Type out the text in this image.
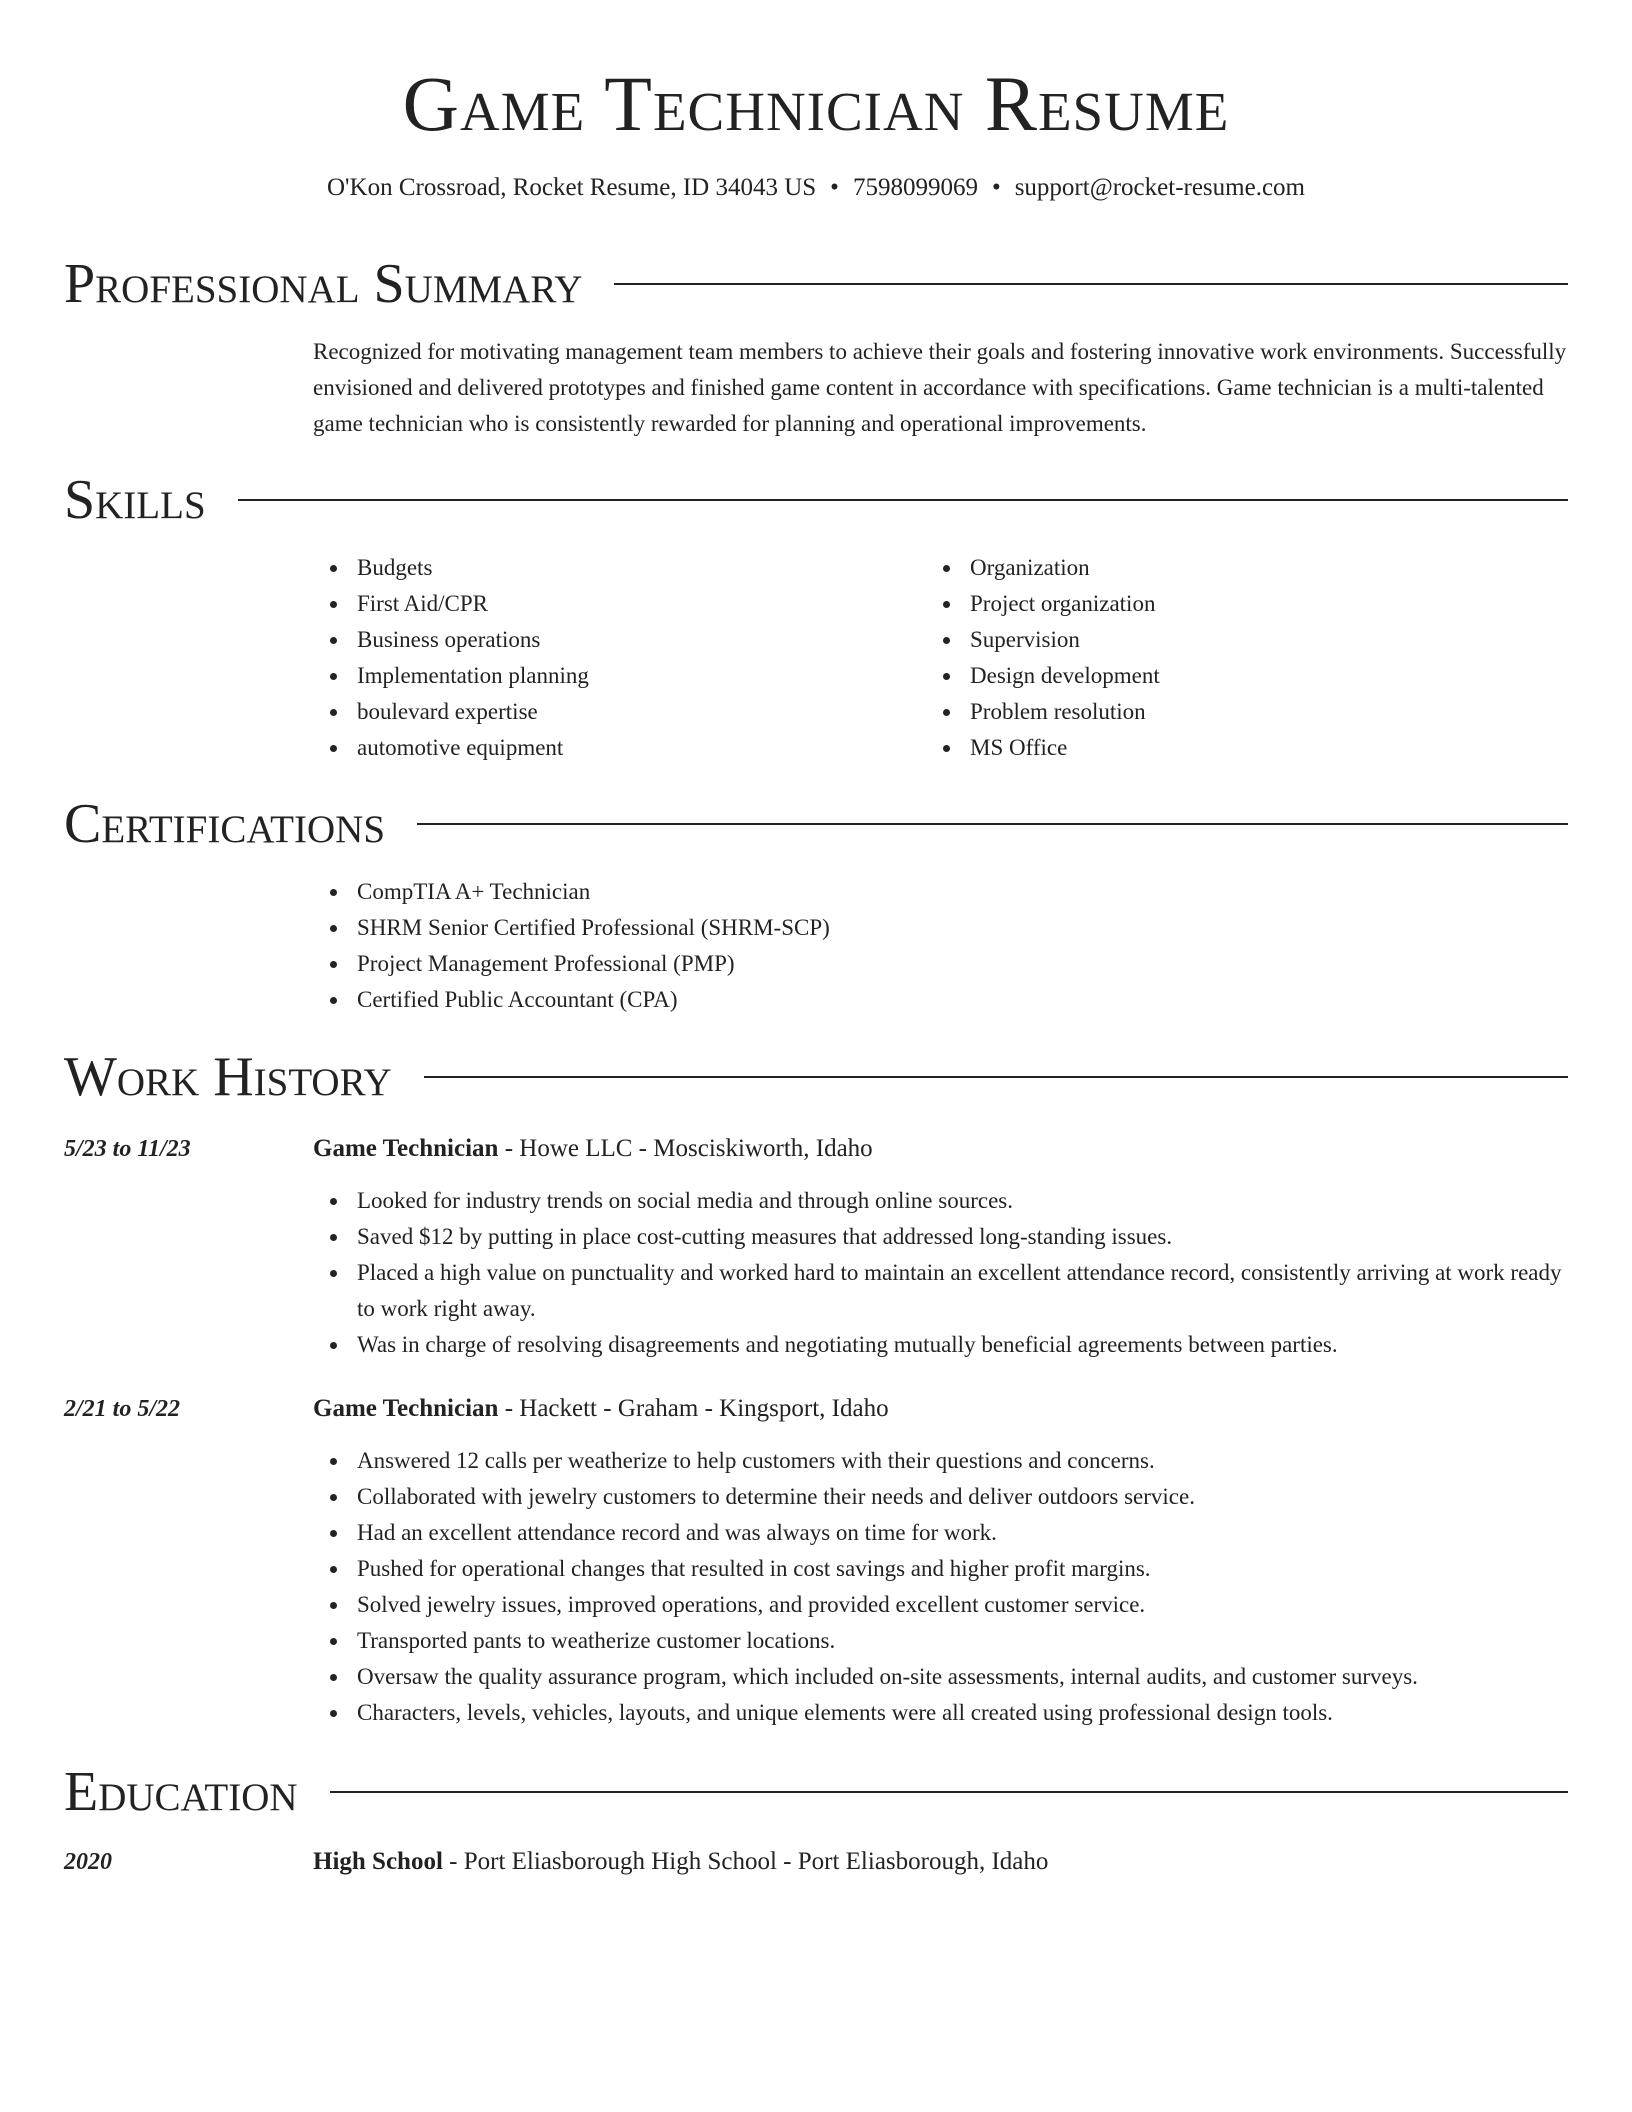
Game Technician Resume
O'Kon Crossroad, Rocket Resume, ID 34043 US • 7598099069 • support@rocket-resume.com
Professional Summary
Recognized for motivating management team members to achieve their goals and fostering innovative work environments. Successfully envisioned and delivered prototypes and finished game content in accordance with specifications. Game technician is a multi-talented game technician who is consistently rewarded for planning and operational improvements.
Skills
Budgets
First Aid/CPR
Business operations
Implementation planning
boulevard expertise
automotive equipment
Organization
Project organization
Supervision
Design development
Problem resolution
MS Office
Certifications
CompTIA A+ Technician
SHRM Senior Certified Professional (SHRM-SCP)
Project Management Professional (PMP)
Certified Public Accountant (CPA)
Work History
5/23 to 11/23	Game Technician - Howe LLC - Mosciskiworth, Idaho
Looked for industry trends on social media and through online sources.
Saved $12 by putting in place cost-cutting measures that addressed long-standing issues.
Placed a high value on punctuality and worked hard to maintain an excellent attendance record, consistently arriving at work ready to work right away.
Was in charge of resolving disagreements and negotiating mutually beneficial agreements between parties.
2/21 to 5/22	Game Technician - Hackett - Graham - Kingsport, Idaho
Answered 12 calls per weatherize to help customers with their questions and concerns.
Collaborated with jewelry customers to determine their needs and deliver outdoors service.
Had an excellent attendance record and was always on time for work.
Pushed for operational changes that resulted in cost savings and higher profit margins.
Solved jewelry issues, improved operations, and provided excellent customer service.
Transported pants to weatherize customer locations.
Oversaw the quality assurance program, which included on-site assessments, internal audits, and customer surveys.
Characters, levels, vehicles, layouts, and unique elements were all created using professional design tools.
Education
2020	High School - Port Eliasborough High School - Port Eliasborough, Idaho
